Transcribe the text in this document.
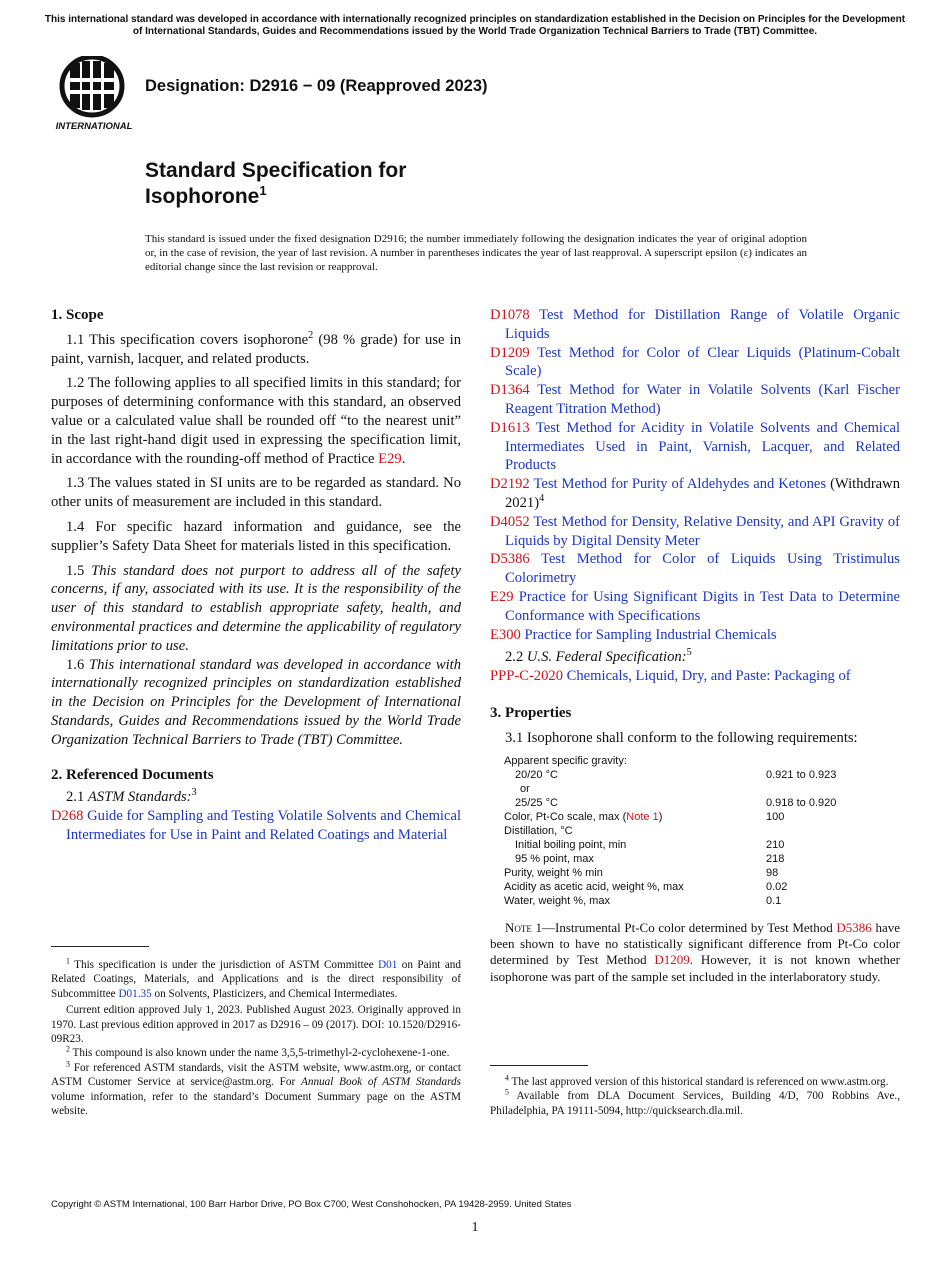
This international standard was developed in accordance with internationally recognized principles on standardization established in the Decision on Principles for the Development of International Standards, Guides and Recommendations issued by the World Trade Organization Technical Barriers to Trade (TBT) Committee.
INTERNATIONAL
Designation: D2916 − 09 (Reapproved 2023)
Standard Specification for
Isophorone$^1$
This standard is issued under the fixed designation D2916; the number immediately following the designation indicates the year of original adoption or, in the case of revision, the year of last revision. A number in parentheses indicates the year of last reapproval. A superscript epsilon (ε) indicates an editorial change since the last revision or reapproval.
1. Scope

1.1 This specification covers isophorone$^2$ (98 % grade) for use in paint, varnish, lacquer, and related products.

1.2 The following applies to all specified limits in this standard; for purposes of determining conformance with this standard, an observed value or a calculated value shall be rounded off “to the nearest unit” in the last right-hand digit used in expressing the specification limit, in accordance with the rounding-off method of Practice E29.

1.3 The values stated in SI units are to be regarded as standard. No other units of measurement are included in this standard.

1.4 For specific hazard information and guidance, see the supplier’s Safety Data Sheet for materials listed in this specification.

1.5 This standard does not purport to address all of the safety concerns, if any, associated with its use. It is the responsibility of the user of this standard to establish appropriate safety, health, and environmental practices and determine the applicability of regulatory limitations prior to use.

1.6 This international standard was developed in accordance with internationally recognized principles on standardization established in the Decision on Principles for the Development of International Standards, Guides and Recommendations issued by the World Trade Organization Technical Barriers to Trade (TBT) Committee.

2. Referenced Documents

2.1 ASTM Standards:$^3$

D268 Guide for Sampling and Testing Volatile Solvents and Chemical Intermediates for Use in Paint and Related Coatings and Material

$^1$ This specification is under the jurisdiction of ASTM Committee D01 on Paint and Related Coatings, Materials, and Applications and is the direct responsibility of Subcommittee D01.35 on Solvents, Plasticizers, and Chemical Intermediates.

Current edition approved July 1, 2023. Published August 2023. Originally approved in 1970. Last previous edition approved in 2017 as D2916 – 09 (2017). DOI: 10.1520/D2916-09R23.

$^2$ This compound is also known under the name 3,5,5-trimethyl-2-cyclohexene-1-one.

$^3$ For referenced ASTM standards, visit the ASTM website, www.astm.org, or contact ASTM Customer Service at service@astm.org. For Annual Book of ASTM Standards volume information, refer to the standard’s Document Summary page on the ASTM website.

D1078 Test Method for Distillation Range of Volatile Organic Liquids

D1209 Test Method for Color of Clear Liquids (Platinum-Cobalt Scale)

D1364 Test Method for Water in Volatile Solvents (Karl Fischer Reagent Titration Method)

D1613 Test Method for Acidity in Volatile Solvents and Chemical Intermediates Used in Paint, Varnish, Lacquer, and Related Products

D2192 Test Method for Purity of Aldehydes and Ketones (Withdrawn 2021)$^4$

D4052 Test Method for Density, Relative Density, and API Gravity of Liquids by Digital Density Meter

D5386 Test Method for Color of Liquids Using Tristimulus Colorimetry

E29 Practice for Using Significant Digits in Test Data to Determine Conformance with Specifications

E300 Practice for Sampling Industrial Chemicals

2.2 U.S. Federal Specification:$^5$

PPP-C-2020 Chemicals, Liquid, Dry, and Paste: Packaging of

3. Properties

3.1 Isophorone shall conform to the following requirements:

Apparent specific gravity:
20/20 °C	0.921 to 0.923
or
25/25 °C	0.918 to 0.920
Color, Pt-Co scale, max (Note 1)	100
Distillation, °C
Initial boiling point, min	210
95 % point, max	218
Purity, weight % min	98
Acidity as acetic acid, weight %, max	0.02
Water, weight %, max	0.1

Note 1—Instrumental Pt-Co color determined by Test Method D5386 have been shown to have no statistically significant difference from Pt-Co color determined by Test Method D1209. However, it is not known whether isophorone was part of the sample set included in the interlaboratory study.

$^4$ The last approved version of this historical standard is referenced on www.astm.org.

$^5$ Available from DLA Document Services, Building 4/D, 700 Robbins Ave., Philadelphia, PA 19111-5094, http://quicksearch.dla.mil.

Copyright © ASTM International, 100 Barr Harbor Drive, PO Box C700, West Conshohocken, PA 19428-2959. United States
1
